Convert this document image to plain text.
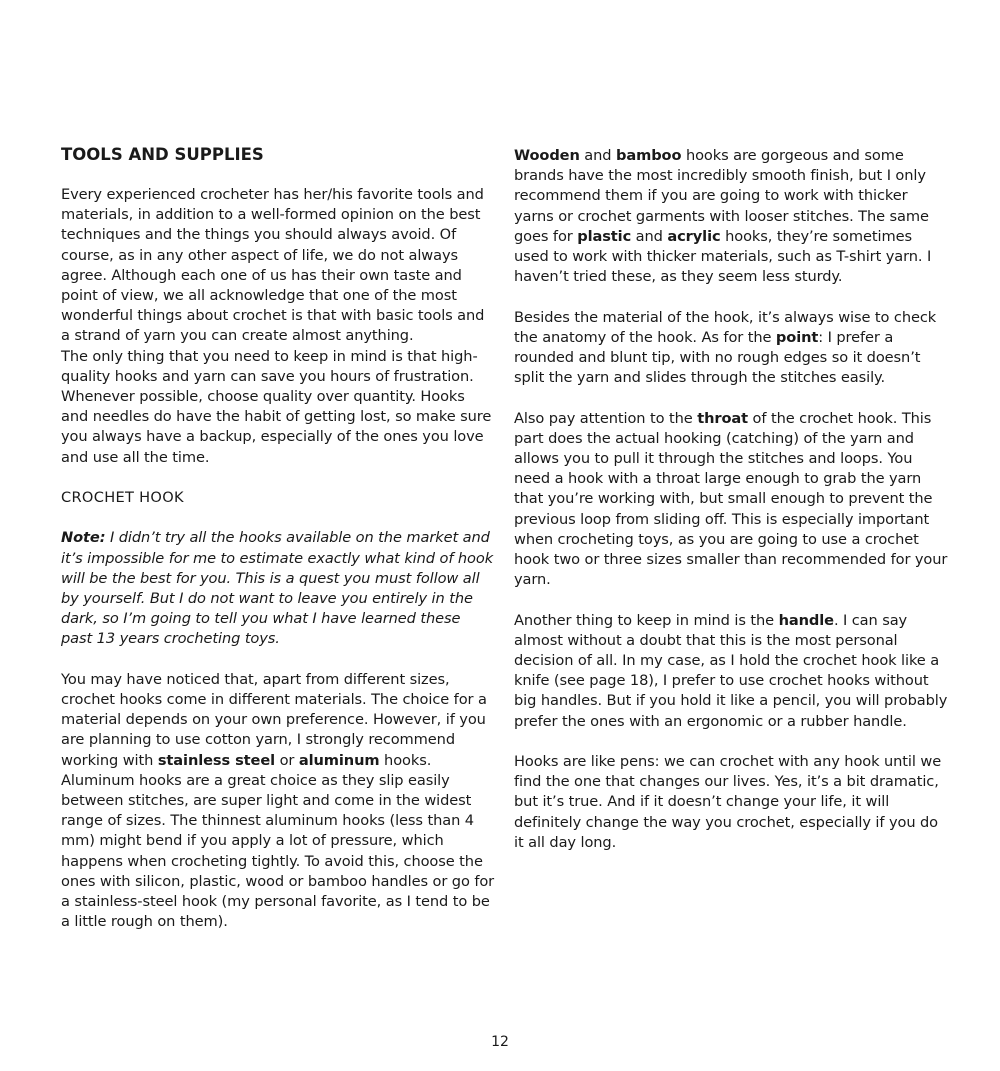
TOOLS AND SUPPLIES

Every experienced crocheter has her/his favorite tools and materials, in addition to a well-formed opinion on the best techniques and the things you should always avoid. Of course, as in any other aspect of life, we do not always agree. Although each one of us has their own taste and point of view, we all acknowledge that one of the most wonderful things about crochet is that with basic tools and a strand of yarn you can create almost anything.
The only thing that you need to keep in mind is that high-quality hooks and yarn can save you hours of frustration. Whenever possible, choose quality over quantity. Hooks and needles do have the habit of getting lost, so make sure you always have a backup, especially of the ones you love and use all the time.

CROCHET HOOK

Note: I didn’t try all the hooks available on the market and it’s impossible for me to estimate exactly what kind of hook will be the best for you. This is a quest you must follow all by yourself. But I do not want to leave you entirely in the dark, so I’m going to tell you what I have learned these past 13 years crocheting toys.

You may have noticed that, apart from different sizes, crochet hooks come in different materials. The choice for a material depends on your own preference. However, if you are planning to use cotton yarn, I strongly recommend working with stainless steel or aluminum hooks. Aluminum hooks are a great choice as they slip easily between stitches, are super light and come in the widest range of sizes. The thinnest aluminum hooks (less than 4 mm) might bend if you apply a lot of pressure, which happens when crocheting tightly. To avoid this, choose the ones with silicon, plastic, wood or bamboo handles or go for a stainless-steel hook (my personal favorite, as I tend to be a little rough on them).

Wooden and bamboo hooks are gorgeous and some brands have the most incredibly smooth finish, but I only recommend them if you are going to work with thicker yarns or crochet garments with looser stitches. The same goes for plastic and acrylic hooks, they’re sometimes used to work with thicker materials, such as T-shirt yarn. I haven’t tried these, as they seem less sturdy.

Besides the material of the hook, it’s always wise to check the anatomy of the hook. As for the point: I prefer a rounded and blunt tip, with no rough edges so it doesn’t split the yarn and slides through the stitches easily.

Also pay attention to the throat of the crochet hook. This part does the actual hooking (catching) of the yarn and allows you to pull it through the stitches and loops. You need a hook with a throat large enough to grab the yarn that you’re working with, but small enough to prevent the previous loop from sliding off. This is especially important when crocheting toys, as you are going to use a crochet hook two or three sizes smaller than recommended for your yarn.

Another thing to keep in mind is the handle. I can say almost without a doubt that this is the most personal decision of all. In my case, as I hold the crochet hook like a knife (see page 18), I prefer to use crochet hooks without big handles. But if you hold it like a pencil, you will probably prefer the ones with an ergonomic or a rubber handle.

Hooks are like pens: we can crochet with any hook until we find the one that changes our lives. Yes, it’s a bit dramatic, but it’s true. And if it doesn’t change your life, it will definitely change the way you crochet, especially if you do it all day long.

12
